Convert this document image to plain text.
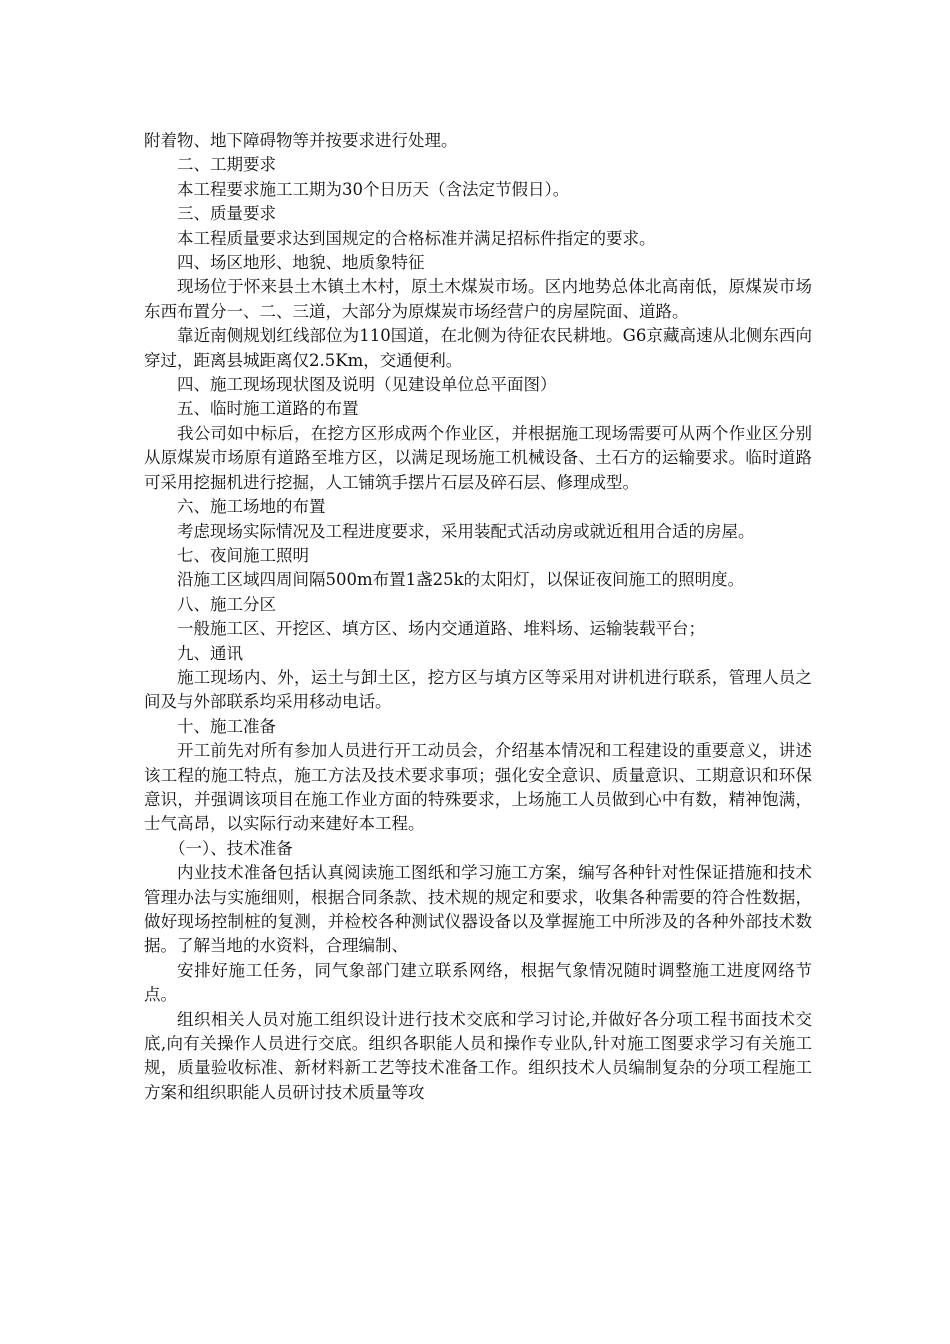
附着物、地下障碍物等并按要求进行处理。

二、工期要求

本工程要求施工工期为30个日历天（含法定节假日）。

三、质量要求

本工程质量要求达到国规定的合格标准并满足招标件指定的要求。

四、场区地形、地貌、地质象特征

现场位于怀来县土木镇土木村，原土木煤炭市场。区内地势总体北高南低，原煤炭市场东西布置分一、二、三道，大部分为原煤炭市场经营户的房屋院面、道路。

靠近南侧规划红线部位为110国道，在北侧为待征农民耕地。G6京藏高速从北侧东西向穿过，距离县城距离仅2.5Km，交通便利。

四、施工现场现状图及说明（见建设单位总平面图）

五、临时施工道路的布置

我公司如中标后，在挖方区形成两个作业区，并根据施工现场需要可从两个作业区分别从原煤炭市场原有道路至堆方区，以满足现场施工机械设备、土石方的运输要求。临时道路可采用挖掘机进行挖掘，人工铺筑手摆片石层及碎石层、修理成型。

六、施工场地的布置

考虑现场实际情况及工程进度要求，采用装配式活动房或就近租用合适的房屋。

七、夜间施工照明

沿施工区域四周间隔500m布置1盏25k的太阳灯，以保证夜间施工的照明度。

八、施工分区

一般施工区、开挖区、填方区、场内交通道路、堆料场、运输装载平台；

九、通讯

施工现场内、外，运土与卸土区，挖方区与填方区等采用对讲机进行联系，管理人员之间及与外部联系均采用移动电话。

十、施工准备

开工前先对所有参加人员进行开工动员会，介绍基本情况和工程建设的重要意义，讲述该工程的施工特点，施工方法及技术要求事项；强化安全意识、质量意识、工期意识和环保意识，并强调该项目在施工作业方面的特殊要求，上场施工人员做到心中有数，精神饱满，士气高昂，以实际行动来建好本工程。

（一）、技术准备

内业技术准备包括认真阅读施工图纸和学习施工方案，编写各种针对性保证措施和技术管理办法与实施细则，根据合同条款、技术规的规定和要求，收集各种需要的符合性数据，做好现场控制桩的复测，并检校各种测试仪器设备以及掌握施工中所涉及的各种外部技术数据。了解当地的水资料，合理编制、

安排好施工任务，同气象部门建立联系网络，根据气象情况随时调整施工进度网络节点。

组织相关人员对施工组织设计进行技术交底和学习讨论,并做好各分项工程书面技术交底,向有关操作人员进行交底。组织各职能人员和操作专业队,针对施工图要求学习有关施工规，质量验收标准、新材料新工艺等技术准备工作。组织技术人员编制复杂的分项工程施工方案和组织职能人员研讨技术质量等攻
